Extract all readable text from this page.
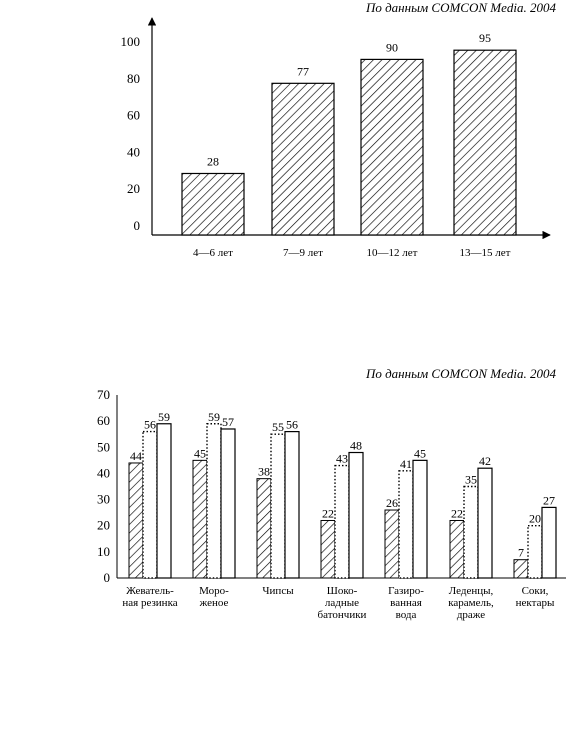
По данным COMCON Media. 2004
0
20
40
60
80
100
28
4—6 лет
77
7—9 лет
90
10—12 лет
95
13—15 лет
По данным COMCON Media. 2004
0
10
20
30
40
50
60
70
44
56
59
Жеватель-
ная резинка
45
59 57
Моро-
женое
38
55 56
Чипсы
22
43
48
Шоко-
ладные
батончики
26
41
45
Газиро-
ванная
вода
22
35
42
Леденцы,
карамель,
драже
7
20
27
Соки,
нектары
